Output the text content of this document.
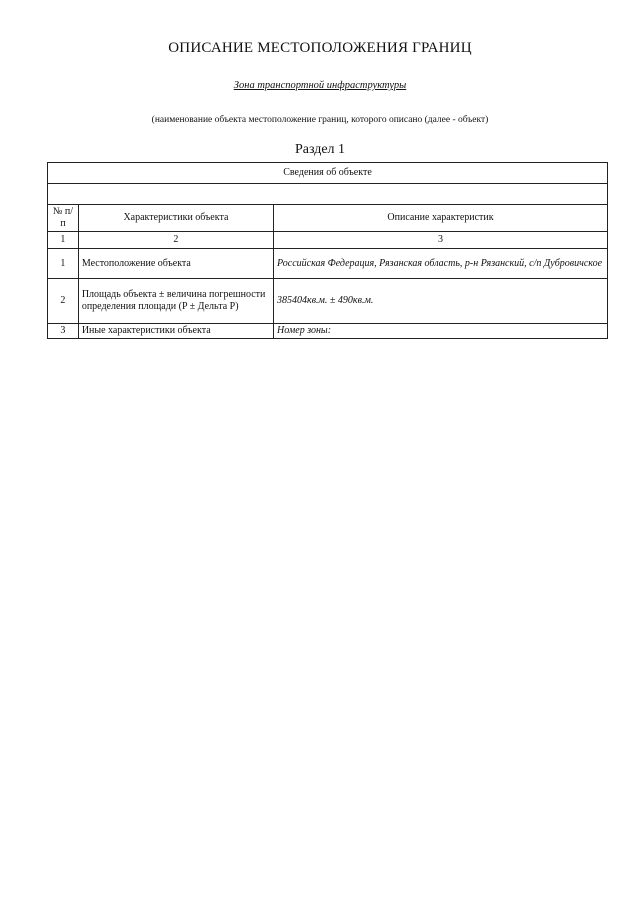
ОПИСАНИЕ МЕСТОПОЛОЖЕНИЯ ГРАНИЦ
Зона транспортной инфраструктуры
(наименование объекта местоположение границ, которого описано (далее - объект)
Раздел 1
Сведения об объекте		

№ п/п	Характеристики объекта	Описание характеристик
1	2	3
1	Местоположение объекта	Российская Федерация, Рязанская область, р-н Рязанский, с/п Дубровичское
2	Площадь объекта ± величина погрешности определения площади (P ± Дельта P)	385404кв.м. ± 490кв.м.
3	Иные характеристики объекта	Номер зоны:
